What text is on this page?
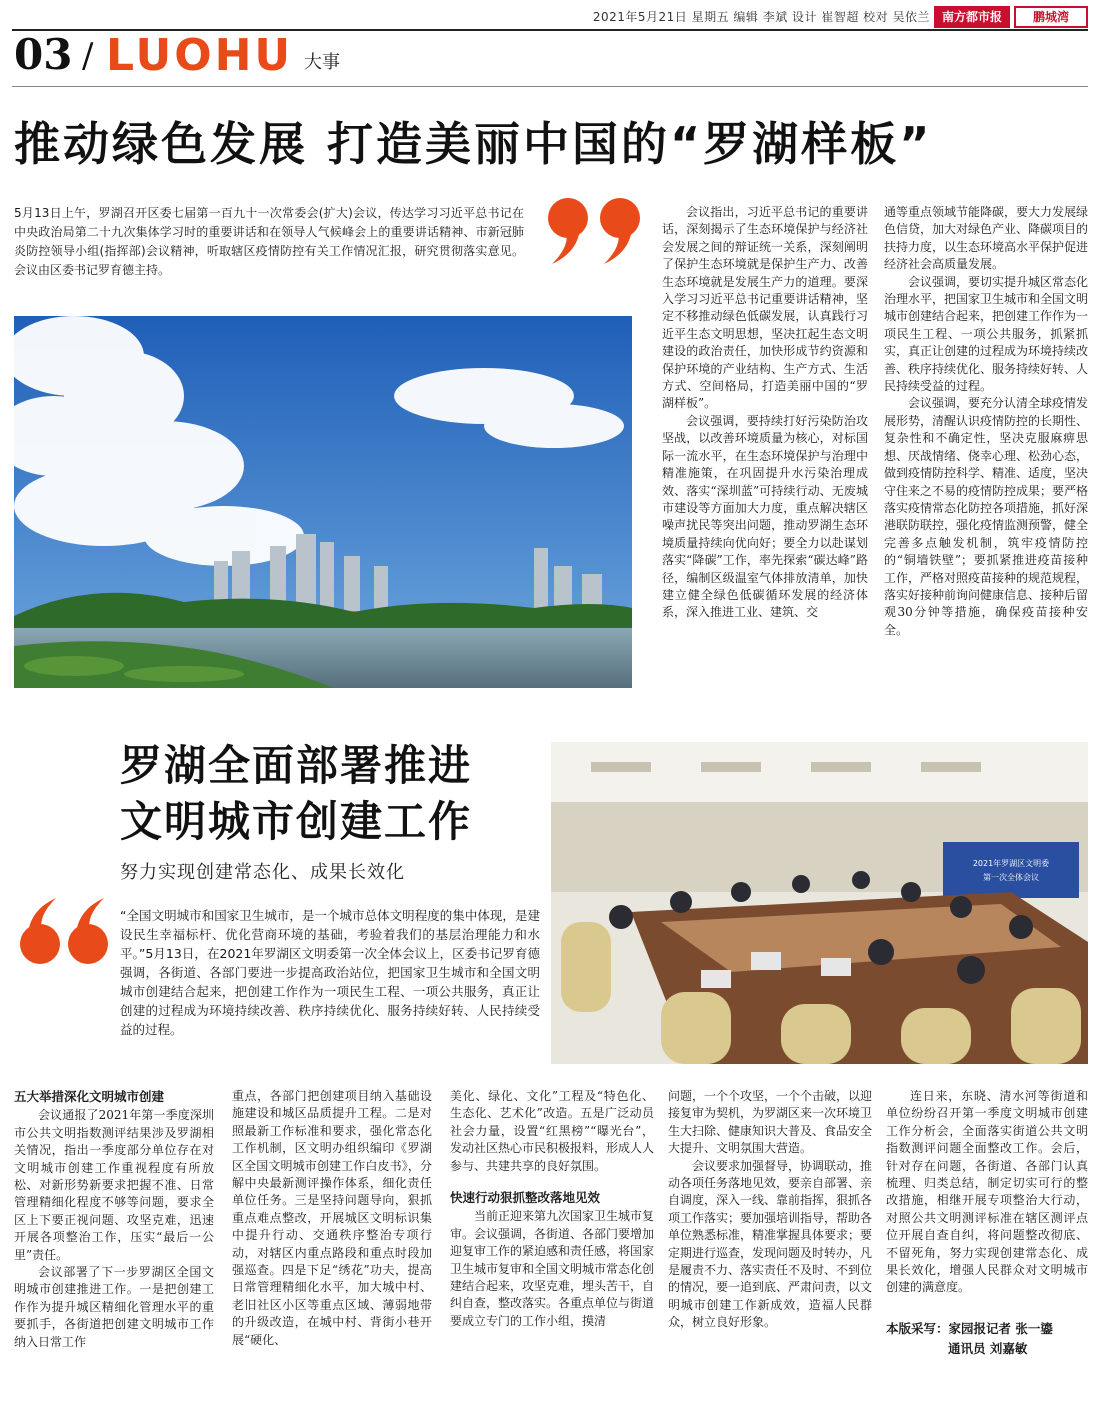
2021年5月21日 星期五 编辑 李斌 设计 崔智超 校对 吴依兰 南方都市报	鹏城湾
03 / LUOHU 大事
推动绿色发展 打造美丽中国的“罗湖样板”
5月13日上午，罗湖召开区委七届第一百九十一次常委会(扩大)会议，传达学习习近平总书记在中央政治局第二十九次集体学习时的重要讲话和在领导人气候峰会上的重要讲话精神、市新冠肺炎防控领导小组(指挥部)会议精神，听取辖区疫情防控有关工作情况汇报，研究贯彻落实意见。会议由区委书记罗育德主持。

会议指出，习近平总书记的重要讲话，深刻揭示了生态环境保护与经济社会发展之间的辩证统一关系，深刻阐明了保护生态环境就是保护生产力、改善生态环境就是发展生产力的道理。要深入学习习近平总书记重要讲话精神，坚定不移推动绿色低碳发展，认真践行习近平生态文明思想，坚决扛起生态文明建设的政治责任，加快形成节约资源和保护环境的产业结构、生产方式、生活方式、空间格局，打造美丽中国的“罗湖样板”。

会议强调，要持续打好污染防治攻坚战，以改善环境质量为核心，对标国际一流水平，在生态环境保护与治理中精准施策，在巩固提升水污染治理成效、落实“深圳蓝”可持续行动、无废城市建设等方面加大力度，重点解决辖区噪声扰民等突出问题，推动罗湖生态环境质量持续向优向好；要全力以赴谋划落实“降碳”工作，率先探索“碳达峰”路径，编制区级温室气体排放清单，加快建立健全绿色低碳循环发展的经济体系，深入推进工业、建筑、交

通等重点领域节能降碳，要大力发展绿色信贷，加大对绿色产业、降碳项目的扶持力度，以生态环境高水平保护促进经济社会高质量发展。

会议强调，要切实提升城区常态化治理水平，把国家卫生城市和全国文明城市创建结合起来，把创建工作作为一项民生工程、一项公共服务，抓紧抓实，真正让创建的过程成为环境持续改善、秩序持续优化、服务持续好转、人民持续受益的过程。

会议强调，要充分认清全球疫情发展形势，清醒认识疫情防控的长期性、复杂性和不确定性，坚决克服麻痹思想、厌战情绪、侥幸心理、松劲心态，做到疫情防控科学、精准、适度，坚决守住来之不易的疫情防控成果；要严格落实疫情常态化防控各项措施，抓好深港联防联控，强化疫情监测预警，健全完善多点触发机制，筑牢疫情防控的“铜墙铁壁”；要抓紧推进疫苗接种工作，严格对照疫苗接种的规范规程，落实好接种前询问健康信息、接种后留观30分钟等措施，确保疫苗接种安全。

罗湖全面部署推进
文明城市创建工作
努力实现创建常态化、成果长效化
“全国文明城市和国家卫生城市，是一个城市总体文明程度的集中体现，是建设民生幸福标杆、优化营商环境的基础，考验着我们的基层治理能力和水平。”5月13日，在2021年罗湖区文明委第一次全体会议上，区委书记罗育德强调，各街道、各部门要进一步提高政治站位，把国家卫生城市和全国文明城市创建结合起来，把创建工作作为一项民生工程、一项公共服务，真正让创建的过程成为环境持续改善、秩序持续优化、服务持续好转、人民持续受益的过程。
2021年罗湖区文明委
第一次全体会议
五大举措深化文明城市创建

会议通报了2021年第一季度深圳市公共文明指数测评结果涉及罗湖相关情况，指出一季度部分单位存在对文明城市创建工作重视程度有所放松、对新形势新要求把握不准、日常管理精细化程度不够等问题，要求全区上下要正视问题、攻坚克难，迅速开展各项整治工作，压实“最后一公里”责任。

会议部署了下一步罗湖区全国文明城市创建推进工作。一是把创建工作作为提升城区精细化管理水平的重要抓手，各街道把创建文明城市工作纳入日常工作

重点，各部门把创建项目纳入基础设施建设和城区品质提升工程。二是对照最新工作标准和要求，强化常态化工作机制，区文明办组织编印《罗湖区全国文明城市创建工作白皮书》，分解中央最新测评操作体系，细化责任单位任务。三是坚持问题导向，狠抓重点难点整改，开展城区文明标识集中提升行动、交通秩序整治专项行动，对辖区内重点路段和重点时段加强巡查。四是下足“绣花”功夫，提高日常管理精细化水平，加大城中村、老旧社区小区等重点区域、薄弱地带的升级改造，在城中村、背街小巷开展“硬化、

美化、绿化、文化”工程及“特色化、生态化、艺术化”改造。五是广泛动员社会力量，设置“红黑榜”“曝光台”，发动社区热心市民积极报料，形成人人参与、共建共享的良好氛围。

快速行动狠抓整改落地见效

当前正迎来第九次国家卫生城市复审。会议强调，各街道、各部门要增加迎复审工作的紧迫感和责任感，将国家卫生城市复审和全国文明城市常态化创建结合起来，攻坚克难，埋头苦干，自纠自查，整改落实。各重点单位与街道要成立专门的工作小组，摸清

问题，一个个攻坚，一个个击破，以迎接复审为契机，为罗湖区来一次环境卫生大扫除、健康知识大普及、食品安全大提升、文明氛围大营造。

会议要求加强督导，协调联动，推动各项任务落地见效，要亲自部署、亲自调度，深入一线、靠前指挥，狠抓各项工作落实；要加强培训指导，帮助各单位熟悉标准，精准掌握具体要求；要定期进行巡查，发现问题及时转办，凡是履责不力、落实责任不及时、不到位的情况，要一追到底、严肃问责，以文明城市创建工作新成效，造福人民群众，树立良好形象。

连日来，东晓、清水河等街道和单位纷纷召开第一季度文明城市创建工作分析会，全面落实街道公共文明指数测评问题全面整改工作。会后，针对存在问题，各街道、各部门认真梳理、归类总结，制定切实可行的整改措施，相继开展专项整治大行动，对照公共文明测评标准在辖区测评点位开展自查自纠，将问题整改彻底、不留死角，努力实现创建常态化、成果长效化，增强人民群众对文明城市创建的满意度。

本版采写：家园报记者 张一鎏
通讯员 刘嘉敏
